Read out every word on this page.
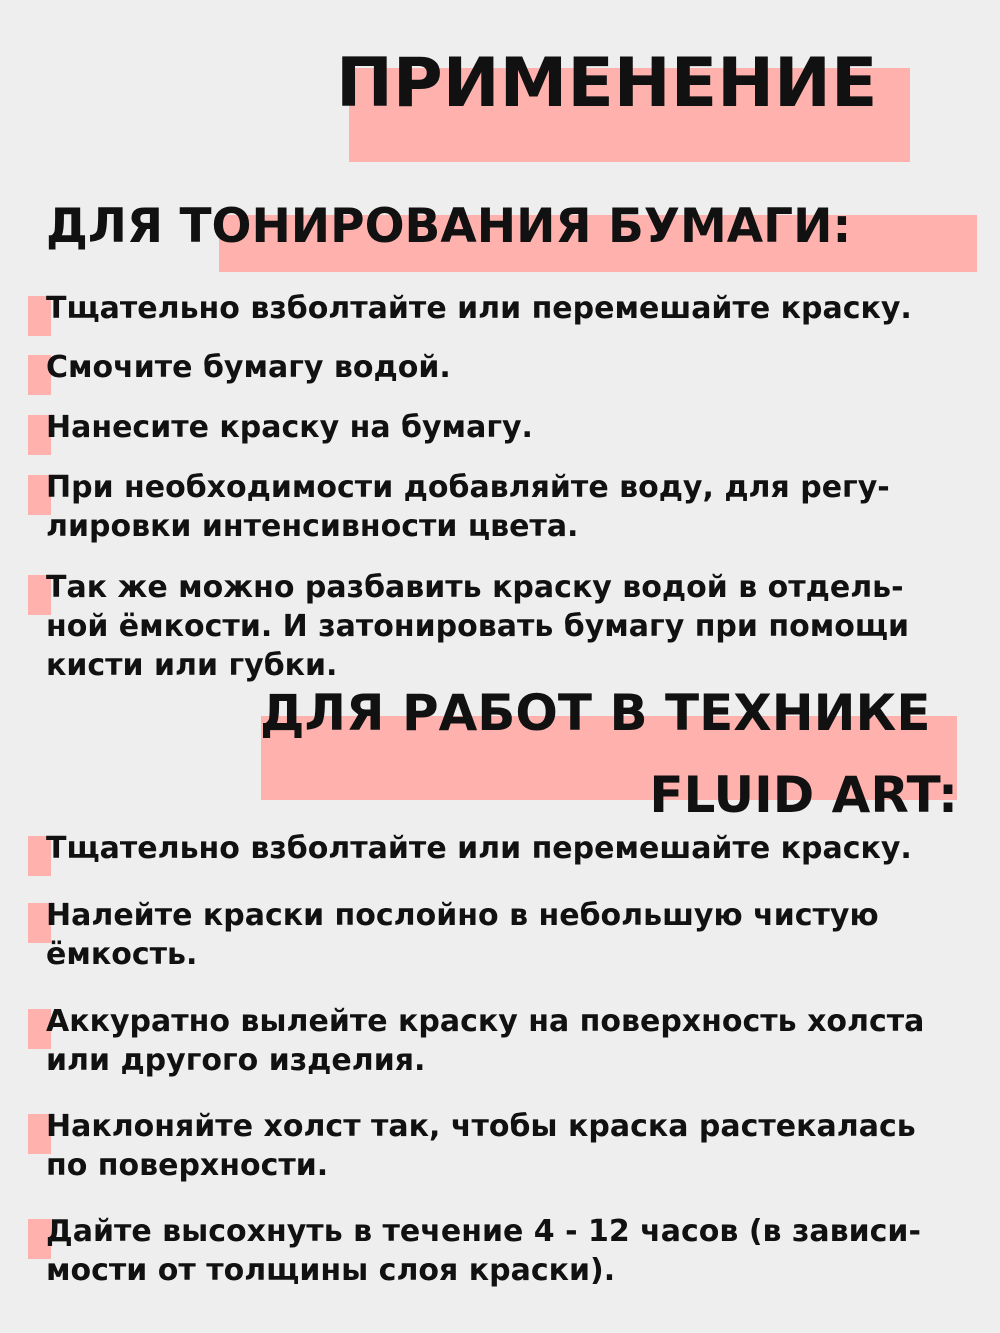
ПРИМЕНЕНИЕ
ДЛЯ ТОНИРОВАНИЯ БУМАГИ:
Тщательно взболтайте или перемешайте краску.
Смочите бумагу водой.
Нанесите краску на бумагу.
При необходимости добавляйте воду, для регу-
лировки интенсивности цвета.
Так же можно разбавить краску водой в отдель-
ной ёмкости. И затонировать бумагу при помощи
кисти или губки.
ДЛЯ РАБОТ В ТЕХНИКЕ
FLUID ART:
Тщательно взболтайте или перемешайте краску.
Налейте краски послойно в небольшую чистую
ёмкость.
Аккуратно вылейте краску на поверхность холста
или другого изделия.
Наклоняйте холст так, чтобы краска растекалась
по поверхности.
Дайте высохнуть в течение 4 - 12 часов (в зависи-
мости от толщины слоя краски).
